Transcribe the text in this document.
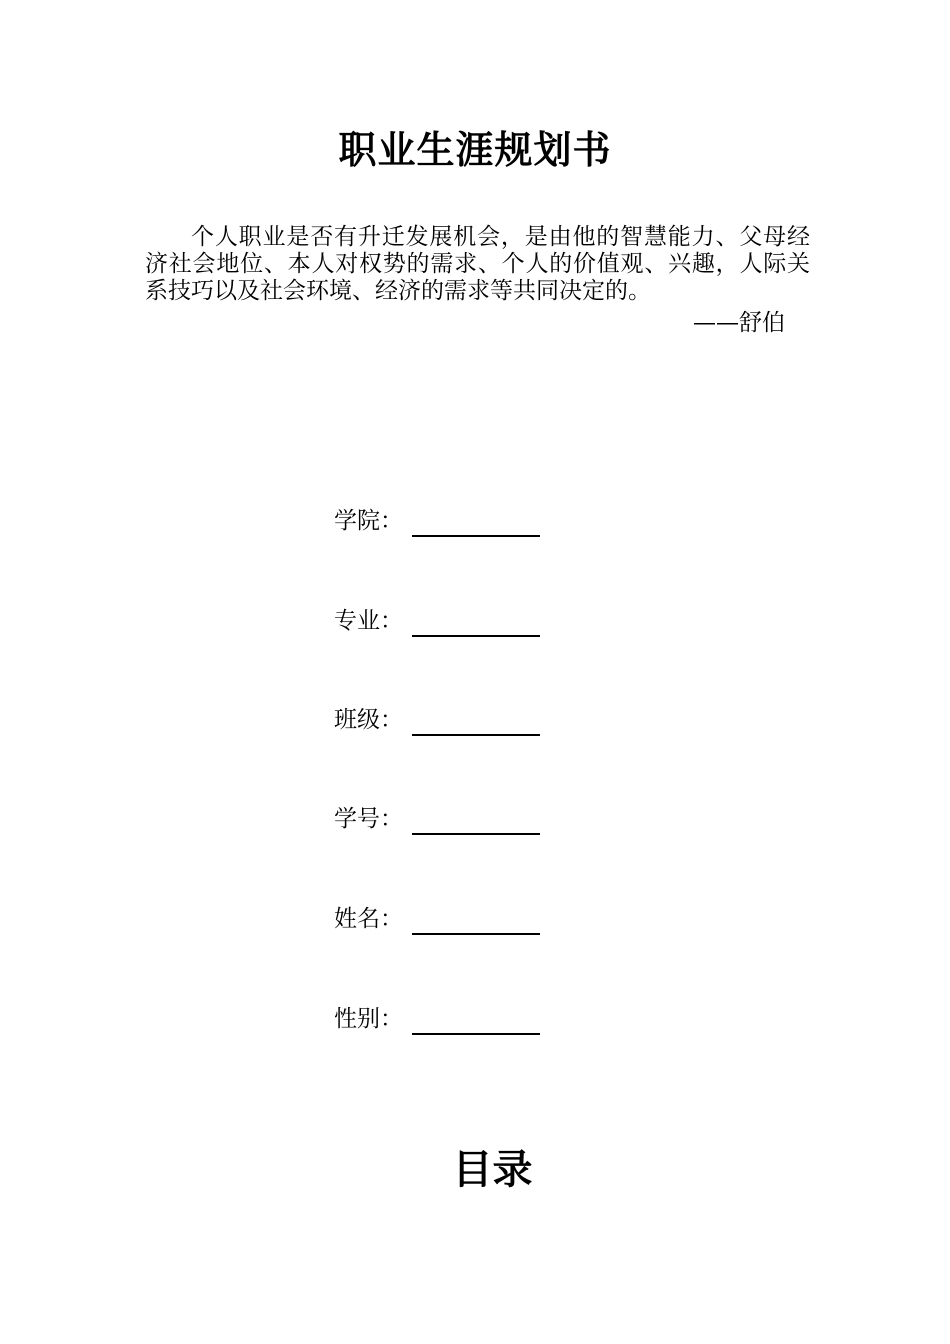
职业生涯规划书

个人职业是否有升迁发展机会，是由他的智慧能力、父母经济社会地位、本人对权势的需求、个人的价值观、兴趣，人际关系技巧以及社会环境、经济的需求等共同决定的。

——舒伯
学院：
专业：
班级：
学号：
姓名：
性别：
目录
